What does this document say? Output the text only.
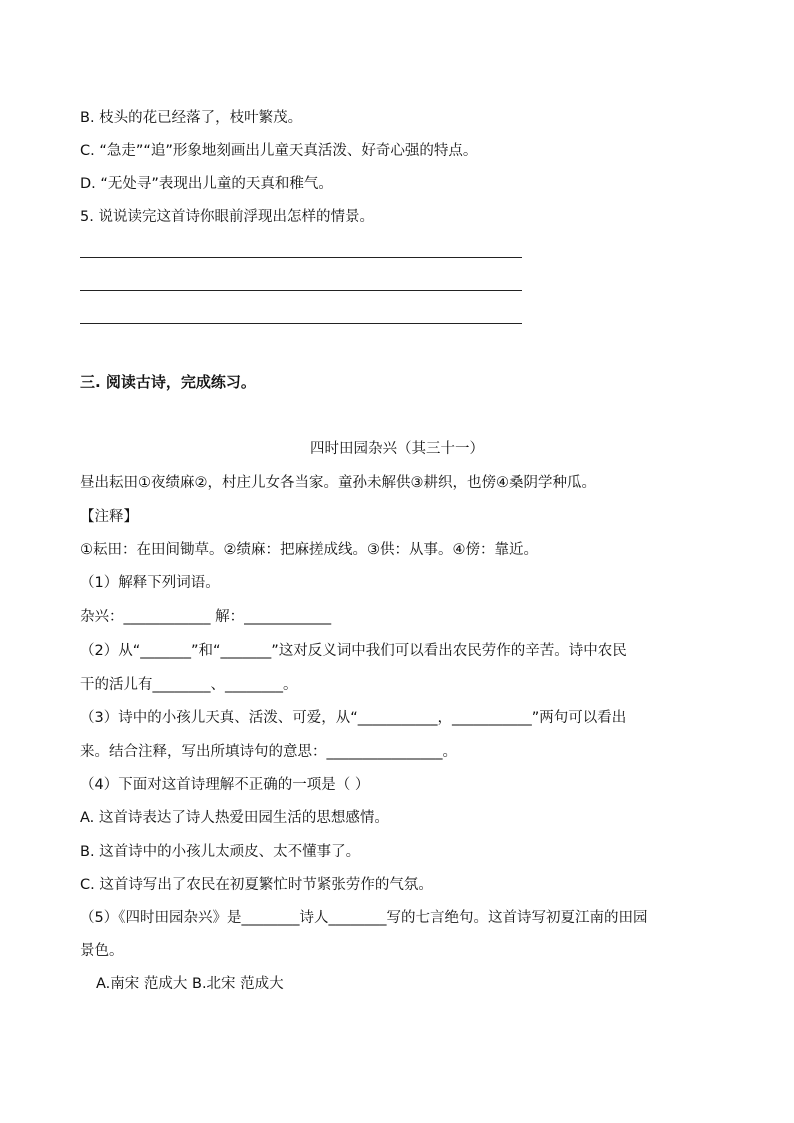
B. 枝头的花已经落了，枝叶繁茂。
C. “急走”“追”形象地刻画出儿童天真活泼、好奇心强的特点。
D. “无处寻”表现出儿童的天真和稚气。
5. 说说读完这首诗你眼前浮现出怎样的情景。
三. 阅读古诗，完成练习。
四时田园杂兴（其三十一）
昼出耘田①夜绩麻②，村庄儿女各当家。童孙未解供③耕织，也傍④桑阴学种瓜。
【注释】
①耘田：在田间锄草。②绩麻：把麻搓成线。③供：从事。④傍：靠近。
（1）解释下列词语。
杂兴：____________ 解：____________
（2）从“_______”和“_______”这对反义词中我们可以看出农民劳作的辛苦。诗中农民
干的活儿有________、________。
（3）诗中的小孩儿天真、活泼、可爱，从“___________，___________”两句可以看出
来。结合注释，写出所填诗句的意思：________________。
（4）下面对这首诗理解不正确的一项是（ ）
A. 这首诗表达了诗人热爱田园生活的思想感情。
B. 这首诗中的小孩儿太顽皮、太不懂事了。
C. 这首诗写出了农民在初夏繁忙时节紧张劳作的气氛。
（5）《四时田园杂兴》是________诗人________写的七言绝句。这首诗写初夏江南的田园
景色。
A.南宋 范成大 B.北宋 范成大
